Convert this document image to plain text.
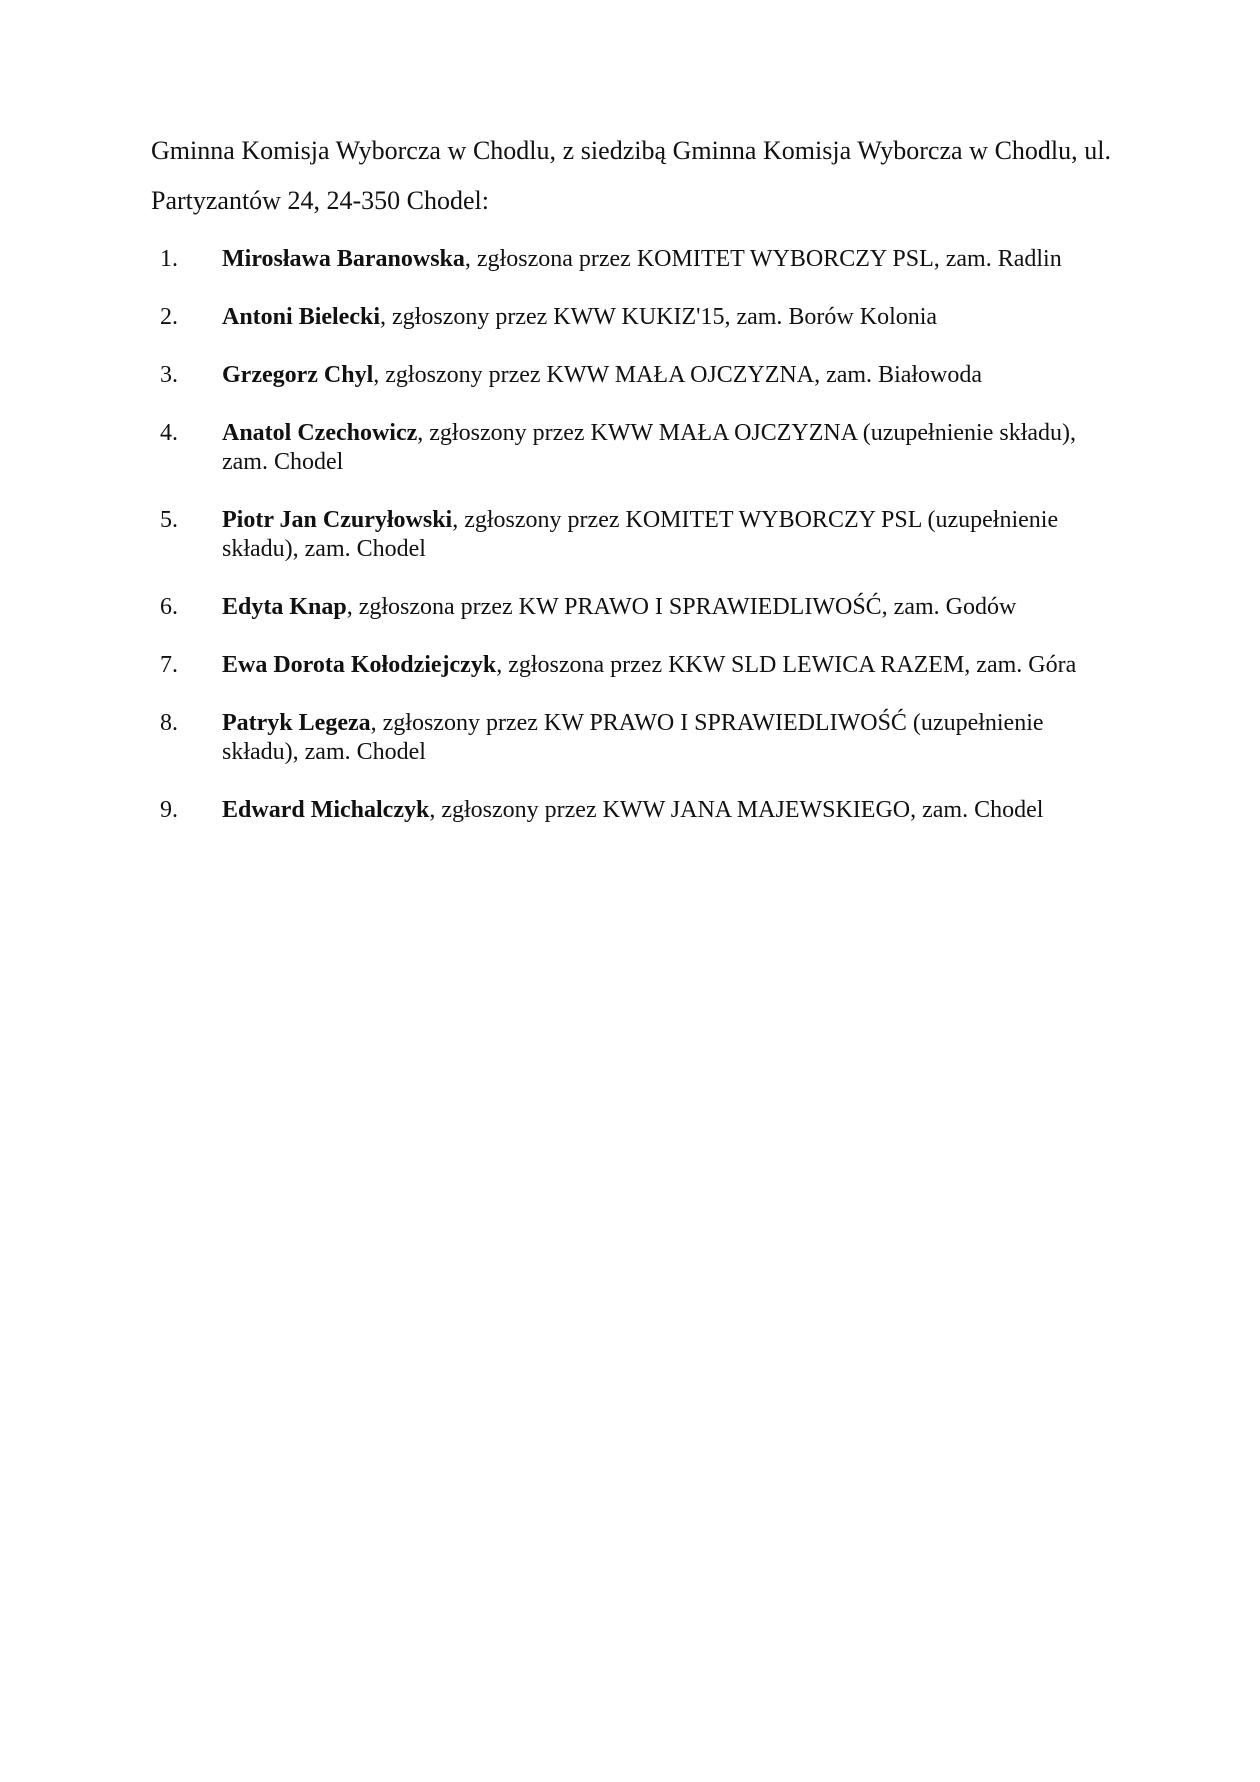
Gminna Komisja Wyborcza w Chodlu, z siedzibą Gminna Komisja Wyborcza w Chodlu, ul. Partyzantów 24, 24-350 Chodel:

1.	Mirosława Baranowska, zgłoszona przez KOMITET WYBORCZY PSL, zam. Radlin
2.	Antoni Bielecki, zgłoszony przez KWW KUKIZ'15, zam. Borów Kolonia
3.	Grzegorz Chyl, zgłoszony przez KWW MAŁA OJCZYZNA, zam. Białowoda
4.	Anatol Czechowicz, zgłoszony przez KWW MAŁA OJCZYZNA (uzupełnienie składu), zam. Chodel
5.	Piotr Jan Czuryłowski, zgłoszony przez KOMITET WYBORCZY PSL (uzupełnienie składu), zam. Chodel
6.	Edyta Knap, zgłoszona przez KW PRAWO I SPRAWIEDLIWOŚĆ, zam. Godów
7.	Ewa Dorota Kołodziejczyk, zgłoszona przez KKW SLD LEWICA RAZEM, zam. Góra
8.	Patryk Legeza, zgłoszony przez KW PRAWO I SPRAWIEDLIWOŚĆ (uzupełnienie składu), zam. Chodel
9.	Edward Michalczyk, zgłoszony przez KWW JANA MAJEWSKIEGO, zam. Chodel
